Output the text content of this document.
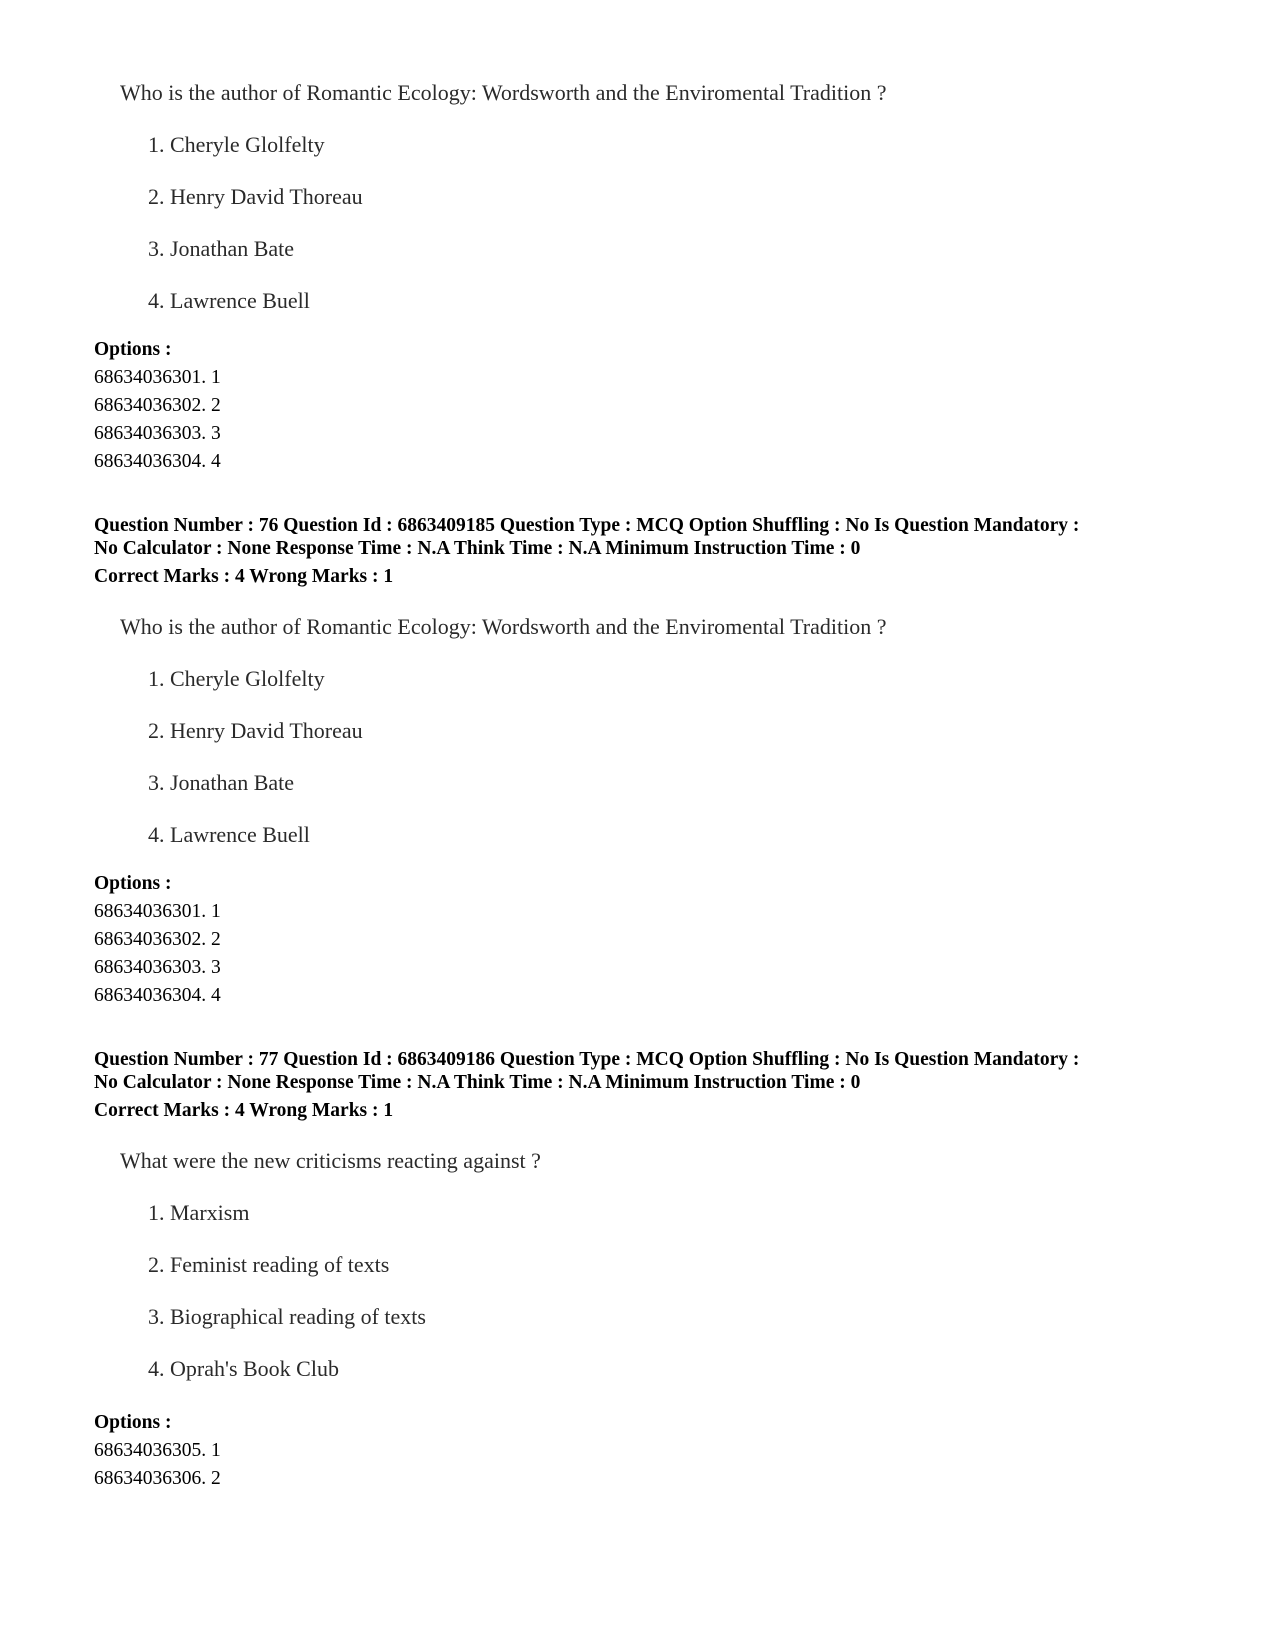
Who is the author of Romantic Ecology: Wordsworth and the Enviromental Tradition ?
1. Cheryle Glolfelty
2. Henry David Thoreau
3. Jonathan Bate
4. Lawrence Buell
Options :
68634036301. 1
68634036302. 2
68634036303. 3
68634036304. 4
Question Number : 76 Question Id : 6863409185 Question Type : MCQ Option Shuffling : No Is Question Mandatory :
No Calculator : None Response Time : N.A Think Time : N.A Minimum Instruction Time : 0
Correct Marks : 4 Wrong Marks : 1
Who is the author of Romantic Ecology: Wordsworth and the Enviromental Tradition ?
1. Cheryle Glolfelty
2. Henry David Thoreau
3. Jonathan Bate
4. Lawrence Buell
Options :
68634036301. 1
68634036302. 2
68634036303. 3
68634036304. 4
Question Number : 77 Question Id : 6863409186 Question Type : MCQ Option Shuffling : No Is Question Mandatory :
No Calculator : None Response Time : N.A Think Time : N.A Minimum Instruction Time : 0
Correct Marks : 4 Wrong Marks : 1
What were the new criticisms reacting against ?
1. Marxism
2. Feminist reading of texts
3. Biographical reading of texts
4. Oprah's Book Club
Options :
68634036305. 1
68634036306. 2
